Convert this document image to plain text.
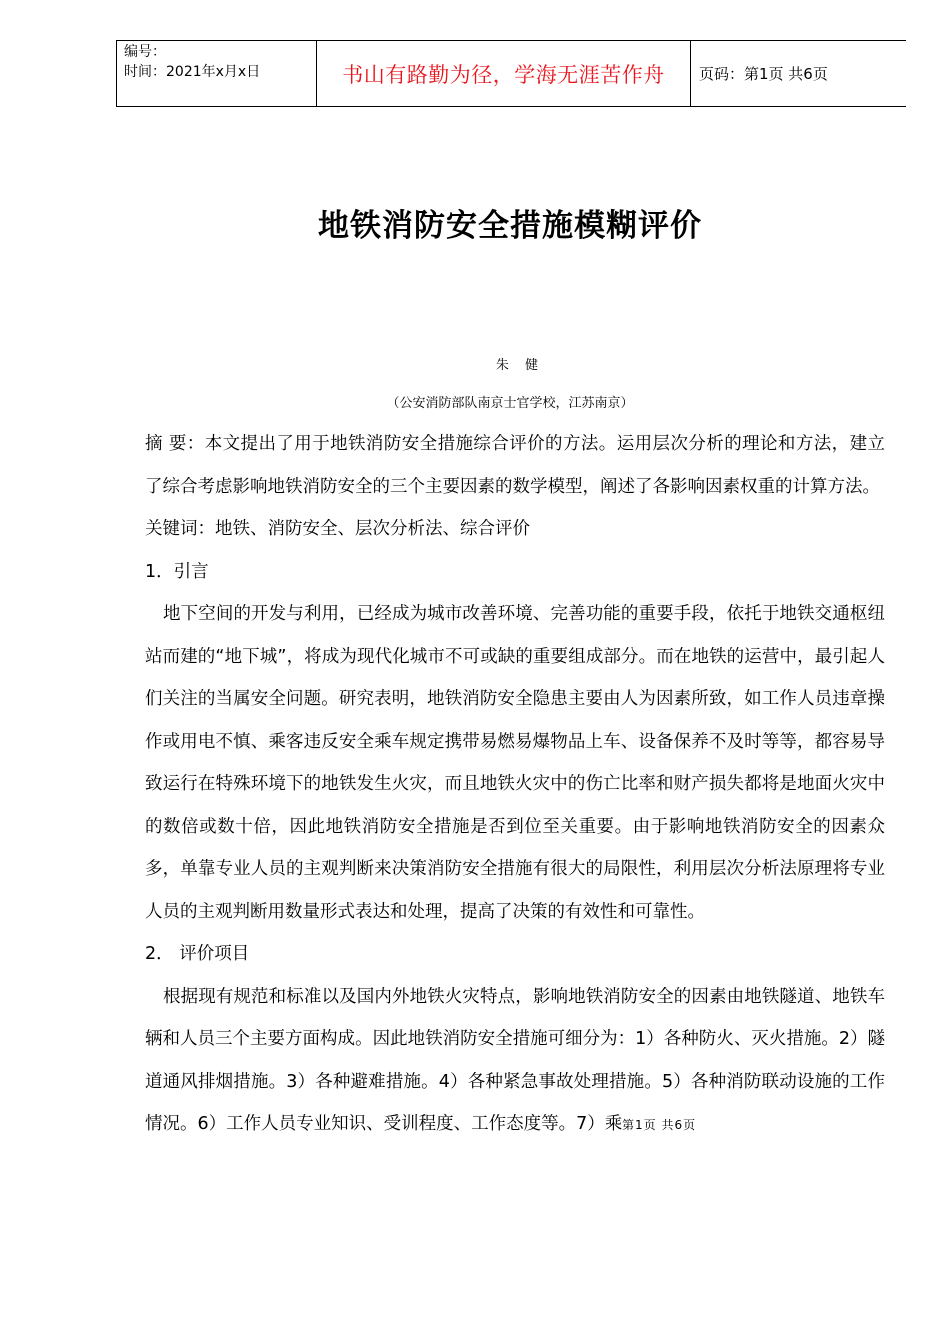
编号：
时间：2021年x月x日	书山有路勤为径，学海无涯苦作舟 页码：第1页 共6页
地铁消防安全措施模糊评价
朱 健
（公安消防部队南京士官学校，江苏南京）

摘 要：本文提出了用于地铁消防安全措施综合评价的方法。运用层次分析的理论和方法，建立了综合考虑影响地铁消防安全的三个主要因素的数学模型，阐述了各影响因素权重的计算方法。

关键词：地铁、消防安全、层次分析法、综合评价

1．引言

地下空间的开发与利用，已经成为城市改善环境、完善功能的重要手段，依托于地铁交通枢纽站而建的“地下城”，将成为现代化城市不可或缺的重要组成部分。而在地铁的运营中，最引起人们关注的当属安全问题。研究表明，地铁消防安全隐患主要由人为因素所致，如工作人员违章操作或用电不慎、乘客违反安全乘车规定携带易燃易爆物品上车、设备保养不及时等等，都容易导致运行在特殊环境下的地铁发生火灾，而且地铁火灾中的伤亡比率和财产损失都将是地面火灾中的数倍或数十倍，因此地铁消防安全措施是否到位至关重要。由于影响地铁消防安全的因素众多，单靠专业人员的主观判断来决策消防安全措施有很大的局限性，利用层次分析法原理将专业人员的主观判断用数量形式表达和处理，提高了决策的有效性和可靠性。

2． 评价项目

根据现有规范和标准以及国内外地铁火灾特点，影响地铁消防安全的因素由地铁隧道、地铁车辆和人员三个主要方面构成。因此地铁消防安全措施可细分为：1）各种防火、灭火措施。2）隧道通风排烟措施。3）各种避难措施。4）各种紧急事故处理措施。5）各种消防联动设施的工作情况。6）工作人员专业知识、受训程度、工作态度等。7）乘 第1页 共6页
